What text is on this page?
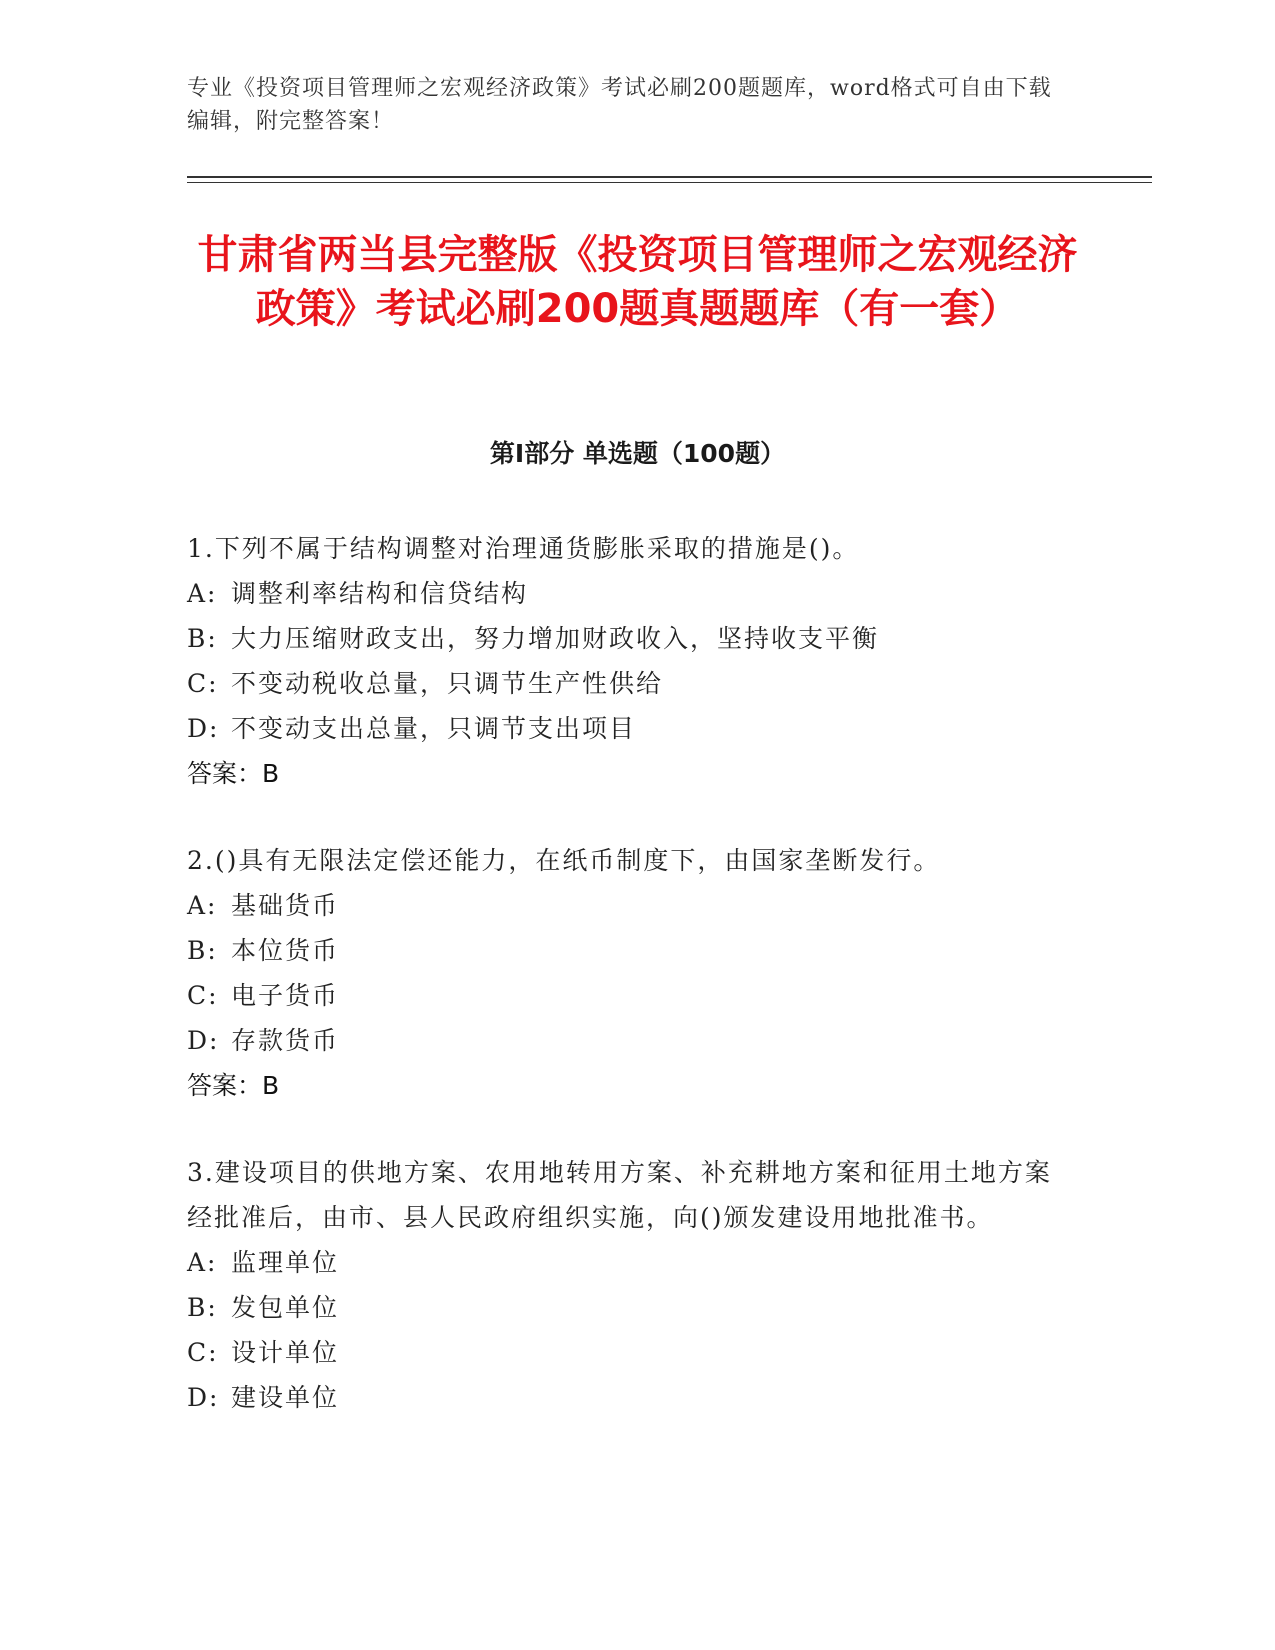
专业《投资项目管理师之宏观经济政策》考试必刷200题题库，word格式可自由下载编辑，附完整答案！
甘肃省两当县完整版《投资项目管理师之宏观经济政策》考试必刷200题真题题库（有一套）
第Ⅰ部分 单选题（100题）

1.下列不属于结构调整对治理通货膨胀采取的措施是()。

A: 调整利率结构和信贷结构

B: 大力压缩财政支出，努力增加财政收入，坚持收支平衡

C: 不变动税收总量，只调节生产性供给

D: 不变动支出总量，只调节支出项目

答案：B

2.()具有无限法定偿还能力，在纸币制度下，由国家垄断发行。

A: 基础货币

B: 本位货币

C: 电子货币

D: 存款货币

答案：B

3.建设项目的供地方案、农用地转用方案、补充耕地方案和征用土地方案经批准后，由市、县人民政府组织实施，向()颁发建设用地批准书。

A: 监理单位

B: 发包单位

C: 设计单位

D: 建设单位
